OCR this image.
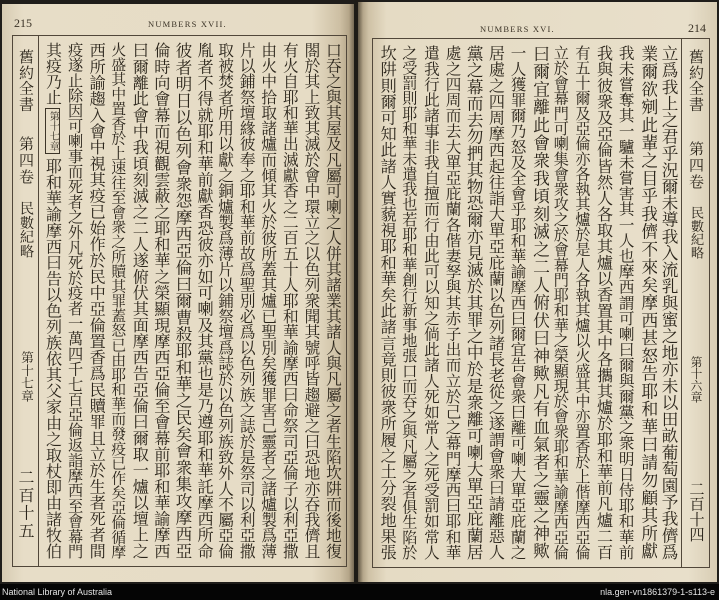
215	NUMBERS XVII.
舊約全書
第四卷
民數紀略
第十七章
二百十五	口吞之與其屋及凡屬可喇之人併其諸業其諸人與凡屬之者生陷坎阱而後地復
閤於其上致其滅於會中環立之以色列衆聞其號呼皆趨避之曰恐地亦吞我儕且
有火自耶和華出滅獻香之二百五十人耶和華諭摩西曰命祭司亞倫子以利亞撒
由火中拾取諸爐而傾其火於彼所蓋其爐已聖別矣獲罪害己靈者之諸爐製爲薄
片以鋪祭壇緣彼奉之耶和華前故爲聖別必爲以色列族之誌於是祭司以利亞撒
取被焚者所用以獻之銅爐製爲薄片以鋪祭壇爲誌於以色列族致外人不屬亞倫
胤者不得就耶和華前獻香恐彼亦如可喇及其黨也是乃遵耶和華託摩西所命
彼者明日以色列會衆怨摩西亞倫曰爾曹殺耶和華之民矣會衆集攻摩西亞
倫時向會幕而視觀雲蔽之耶和華之榮顯現摩西亞倫至會幕前耶和華諭摩西
曰爾離此會中我頃刻滅之二人遂俯伏其面摩西告亞倫曰爾取一爐以壇上之
火盛其中置香於上速往至會衆之所贖其罪蓋怒已由耶和華而發疫已作矣亞倫循摩
西所諭趨入會中視其疫已始作於民中亞倫置香爲民贖罪且立於生者死者間
疫遂止除因可喇事而死者之外凡死於疫者一萬四千七百亞倫返詣摩西至會幕門
其疫乃止
第十七章
耶和華諭摩西曰告以色列族依其父家由之取杖即由諸牧伯
NUMBERS XVI.	214
立爲我上之君乎況爾未導我入流乳與蜜之地亦未以田畝葡萄園予我儕爲
業爾欲剜此輩之目乎我儕不來矣摩西甚怒告耶和華曰請勿顧其所獻
我未嘗奪其一驢未嘗害其一人也摩西謂可喇曰爾與爾黨之衆明日侍耶和華前
我與彼衆及亞倫皆然人各取其爐以香置其中各攜其爐於耶和華前凡爐二百
有五十爾及亞倫亦各執其爐於是人各執其爐以火盛其中亦置香於上偕摩西亞倫
立於會幕門可喇集會衆攻之於會幕門耶和華之榮顯現於會衆耶和華諭摩西亞倫
曰爾宜離此會衆我頃刻滅之二人俯伏曰神歟凡有血氣者之靈之神歟
一人獲罪爾乃怒及全會乎耶和華諭摩西曰爾宜告會衆曰離可喇大單亞庇蘭之
居處之四周摩西起往詣大單亞庇蘭以色列諸長老從之遂謂會衆曰請離惡人
黨之幕而去勿捫其物恐爾亦見滅於其罪之中於是衆離可喇大單亞庇蘭居
處之四周而去大單亞庇蘭各偕妻孥與其赤子出而立於己之幕門摩西曰耶和華
遣我行此諸事非我自擅而行由此可以知之倘此諸人死如常人之死受罰如常人
之受罰則耶和華未遣我也若耶和華創行新事地張口而吞之與凡屬之者俱生陷於
坎阱則爾可知此諸人實藐視耶和華矣此諸言竟則彼衆所履之土分裂地果張	舊約全書
第四卷
民數紀略
第十六章
二百十四
National Library of Australia	nla.gen-vn1861379-1-s113-e
